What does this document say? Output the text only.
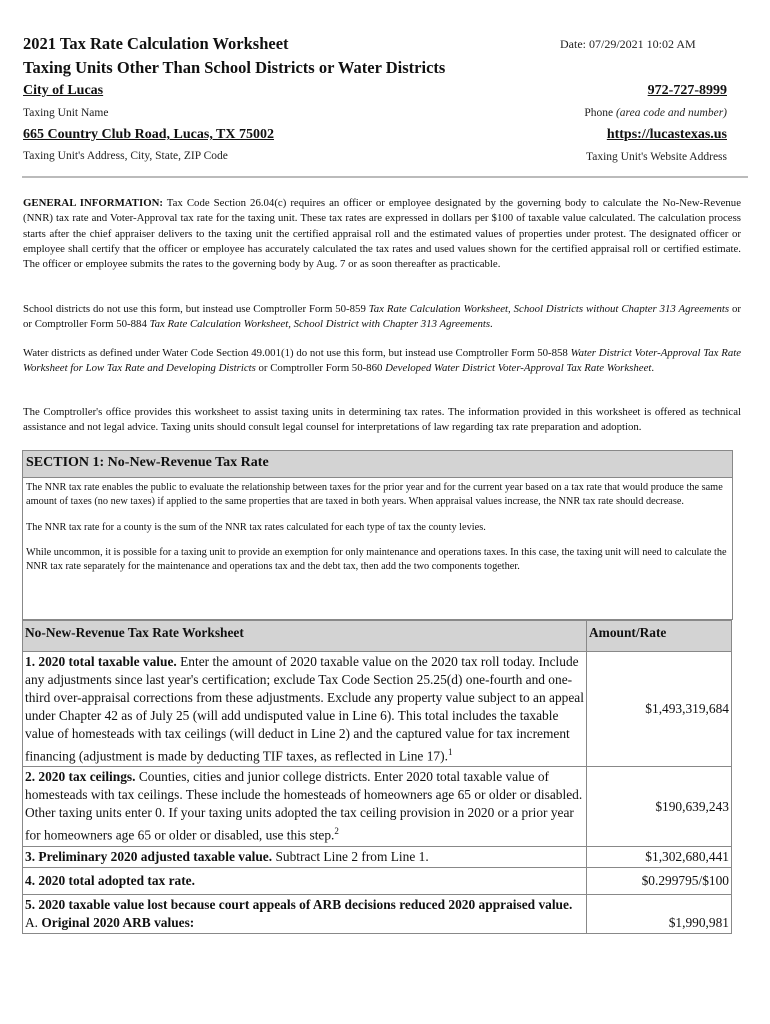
2021 Tax Rate Calculation Worksheet
Taxing Units Other Than School Districts or Water Districts
Date: 07/29/2021 10:02 AM
City of Lucas
Taxing Unit Name
972-727-8999
Phone (area code and number)
665 Country Club Road, Lucas, TX 75002
Taxing Unit's Address, City, State, ZIP Code
https://lucastexas.us
Taxing Unit's Website Address
GENERAL INFORMATION: Tax Code Section 26.04(c) requires an officer or employee designated by the governing body to calculate the No-New-Revenue (NNR) tax rate and Voter-Approval tax rate for the taxing unit. These tax rates are expressed in dollars per $100 of taxable value calculated. The calculation process starts after the chief appraiser delivers to the taxing unit the certified appraisal roll and the estimated values of properties under protest. The designated officer or employee shall certify that the officer or employee has accurately calculated the tax rates and used values shown for the certified appraisal roll or certified estimate. The officer or employee submits the rates to the governing body by Aug. 7 or as soon thereafter as practicable.
School districts do not use this form, but instead use Comptroller Form 50-859 Tax Rate Calculation Worksheet, School Districts without Chapter 313 Agreements or or Comptroller Form 50-884 Tax Rate Calculation Worksheet, School District with Chapter 313 Agreements.
Water districts as defined under Water Code Section 49.001(1) do not use this form, but instead use Comptroller Form 50-858 Water District Voter-Approval Tax Rate Worksheet for Low Tax Rate and Developing Districts or Comptroller Form 50-860 Developed Water District Voter-Approval Tax Rate Worksheet.
The Comptroller's office provides this worksheet to assist taxing units in determining tax rates. The information provided in this worksheet is offered as technical assistance and not legal advice. Taxing units should consult legal counsel for interpretations of law regarding tax rate preparation and adoption.
SECTION 1: No-New-Revenue Tax Rate

The NNR tax rate enables the public to evaluate the relationship between taxes for the prior year and for the current year based on a tax rate that would produce the same amount of taxes (no new taxes) if applied to the same properties that are taxed in both years. When appraisal values increase, the NNR tax rate should decrease.

The NNR tax rate for a county is the sum of the NNR tax rates calculated for each type of tax the county levies.

While uncommon, it is possible for a taxing unit to provide an exemption for only maintenance and operations taxes. In this case, the taxing unit will need to calculate the NNR tax rate separately for the maintenance and operations tax and the debt tax, then add the two components together.

No-New-Revenue Tax Rate Worksheet	Amount/Rate
1. 2020 total taxable value. Enter the amount of 2020 taxable value on the 2020 tax roll today. Include any adjustments since last year's certification; exclude Tax Code Section 25.25(d) one-fourth and one-third over-appraisal corrections from these adjustments. Exclude any property value subject to an appeal under Chapter 42 as of July 25 (will add undisputed value in Line 6). This total includes the taxable value of homesteads with tax ceilings (will deduct in Line 2) and the captured value for tax increment financing (adjustment is made by deducting TIF taxes, as reflected in Line 17).$^1$	$1,493,319,684
2. 2020 tax ceilings. Counties, cities and junior college districts. Enter 2020 total taxable value of homesteads with tax ceilings. These include the homesteads of homeowners age 65 or older or disabled. Other taxing units enter 0. If your taxing units adopted the tax ceiling provision in 2020 or a prior year for homeowners age 65 or older or disabled, use this step.$^2$	$190,639,243
3. Preliminary 2020 adjusted taxable value. Subtract Line 2 from Line 1.	$1,302,680,441
4. 2020 total adopted tax rate.	$0.299795/$100
5. 2020 taxable value lost because court appeals of ARB decisions reduced 2020 appraised value.
A. Original 2020 ARB values:	$1,990,981
